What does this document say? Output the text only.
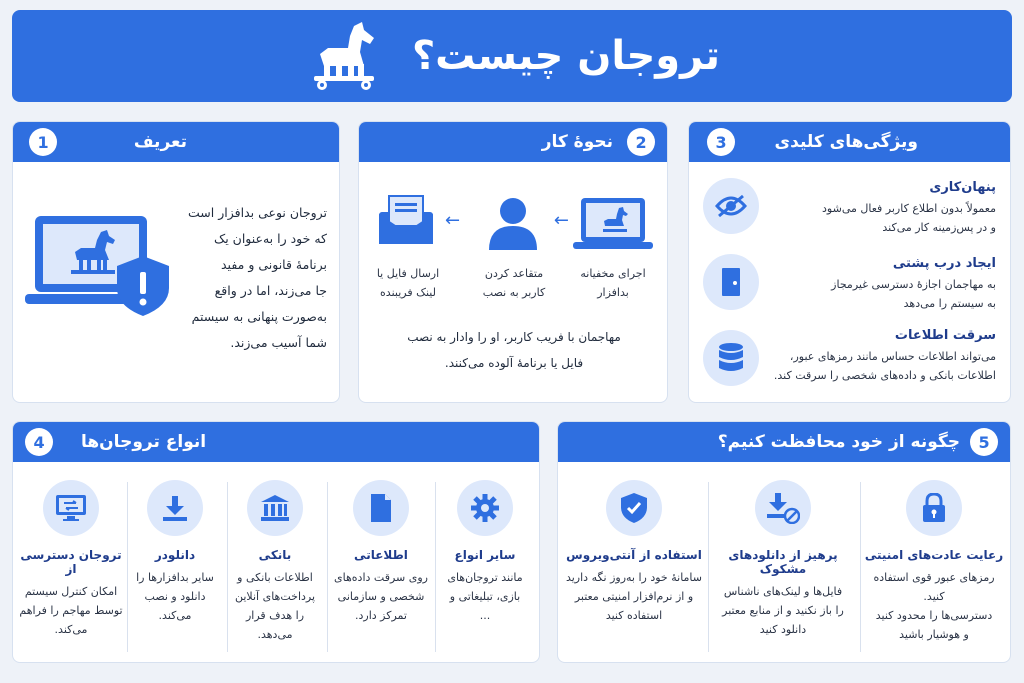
تروجان چیست؟
تعریف
1
تروجان نوعی بدافزار است
که خود را به‌عنوان یک
برنامهٔ قانونی و مفید
جا می‌زند، اما در واقع
به‌صورت پنهانی به سیستم
شما آسیب می‌زند.
2
نحوهٔ کار
اجرای مخفیانه
بدافزار
←
متقاعد کردن
کاربر به نصب
←
ارسال فایل یا
لینک فریبنده
مهاجمان با فریب کاربر، او را وادار به نصب
فایل یا برنامهٔ آلوده می‌کنند.
ویژگی‌های کلیدی
3
پنهان‌کاری
معمولاً بدون اطلاع کاربر فعال می‌شود
و در پس‌زمینه کار می‌کند
ایجاد درب پشتی
به مهاجمان اجازهٔ دسترسی غیرمجاز
به سیستم را می‌دهد
سرقت اطلاعات
می‌تواند اطلاعات حساس مانند رمزهای عبور،
اطلاعات بانکی و داده‌های شخصی را سرقت کند.
انواع تروجان‌ها
4
سایر انواع
مانند تروجان‌های
بازی، تبلیغاتی و
...
اطلاعاتی
روی سرقت داده‌های
شخصی و سازمانی
تمرکز دارد.
بانکی
اطلاعات بانکی و
پرداخت‌های آنلاین
را هدف قرار می‌دهد.
دانلودر
سایر بدافزارها را
دانلود و نصب
می‌کند.
تروجان دسترسی از
امکان کنترل سیستم
توسط مهاجم را فراهم
می‌کند.
چگونه از خود محافظت کنیم؟	5
رعایت عادت‌های امنیتی
رمزهای عبور قوی استفاده کنید.
دسترسی‌ها را محدود کنید
و هوشیار باشید
پرهیز از دانلودهای مشکوک
فایل‌ها و لینک‌های ناشناس
را باز نکنید و از منابع معتبر
دانلود کنید
استفاده از آنتی‌ویروس
سامانهٔ خود را به‌روز نگه دارید
و از نرم‌افزار امنیتی معتبر
استفاده کنید
